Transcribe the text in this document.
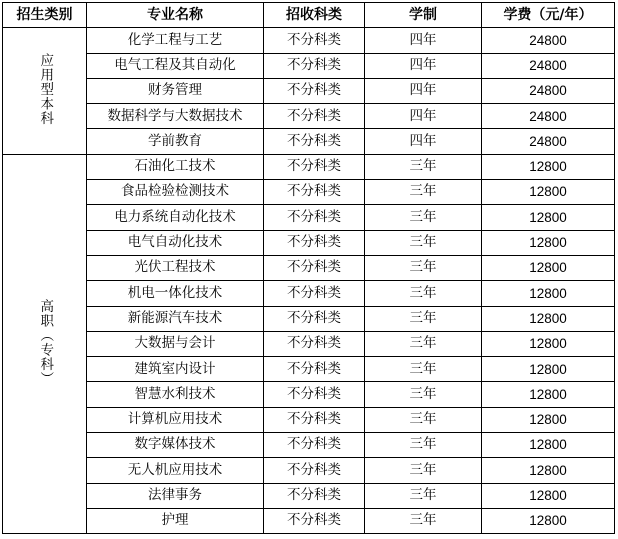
招生类别	专业名称	招收科类	学制	学费（元/年）
应用型本科	化学工程与工艺	不分科类	四年	24800
	电气工程及其自动化	不分科类	四年	24800
	财务管理	不分科类	四年	24800
	数据科学与大数据技术	不分科类	四年	24800
	学前教育	不分科类	四年	24800
高职（专科）	石油化工技术	不分科类	三年	12800
	食品检验检测技术	不分科类	三年	12800
	电力系统自动化技术	不分科类	三年	12800
	电气自动化技术	不分科类	三年	12800
	光伏工程技术	不分科类	三年	12800
	机电一体化技术	不分科类	三年	12800
	新能源汽车技术	不分科类	三年	12800
	大数据与会计	不分科类	三年	12800
	建筑室内设计	不分科类	三年	12800
	智慧水利技术	不分科类	三年	12800
	计算机应用技术	不分科类	三年	12800
	数字媒体技术	不分科类	三年	12800
	无人机应用技术	不分科类	三年	12800
	法律事务	不分科类	三年	12800
	护理	不分科类	三年	12800
